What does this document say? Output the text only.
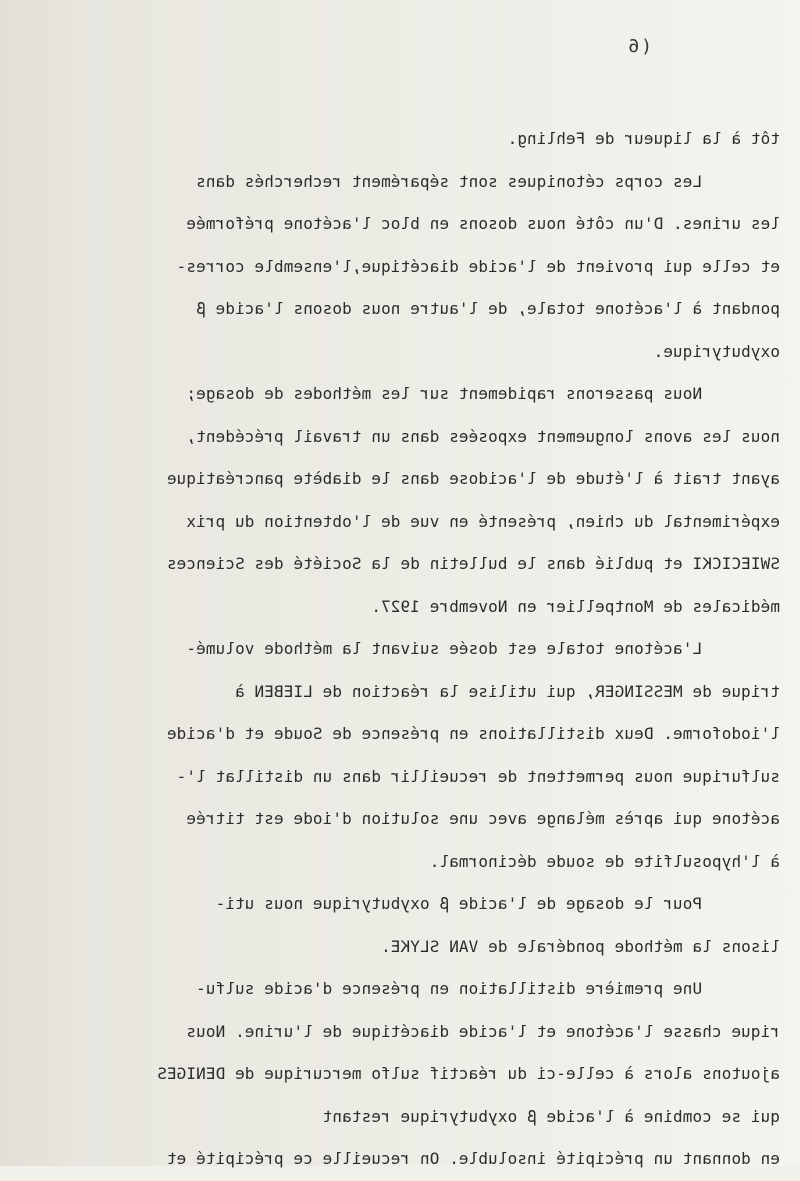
(6
tôt à la liqueur de Fehling.
Les corps cétoniques sont séparément recherchés dans
les urines. D'un côté nous dosons en bloc l'acétone préformée
et celle qui provient de l'acide diacétique,l'ensemble corres-
pondant à l'acétone totale, de l'autre nous dosons l'acide β
oxybutyrique.
Nous passerons rapidement sur les méthodes de dosage;
nous les avons longuement exposées dans un travail précédent,
ayant trait à l'étude de l'acidose dans le diabète pancréatique
expérimental du chien, présenté en vue de l'obtention du prix
SWIECICKI et publié dans le bulletin de la Société des Sciences
médicales de Montpellier en Novembre 1927.
L'acétone totale est dosée suivant la méthode volumé-
trique de MESSINGER, qui utilise la réaction de LIEBEN à
l'iodoforme. Deux distillations en présence de Soude et d'acide
sulfurique nous permettent de recueillir dans un distillat l'-
acétone qui après mélange avec une solution d'iode est titrée
à l'hyposulfite de soude décinormal.
Pour le dosage de l'acide β oxybutyrique nous uti-
lisons la méthode pondérale de VAN SLYKE.
Une première distillation en présence d'acide sulfu-
rique chasse l'acétone et l'acide diacétique de l'urine. Nous
ajoutons alors à celle-ci du réactif sulfo mercurique de DENIGES
qui se combine à l'acide β oxybutyrique restant
en donnant un précipité insoluble. On recueille ce précipité et
